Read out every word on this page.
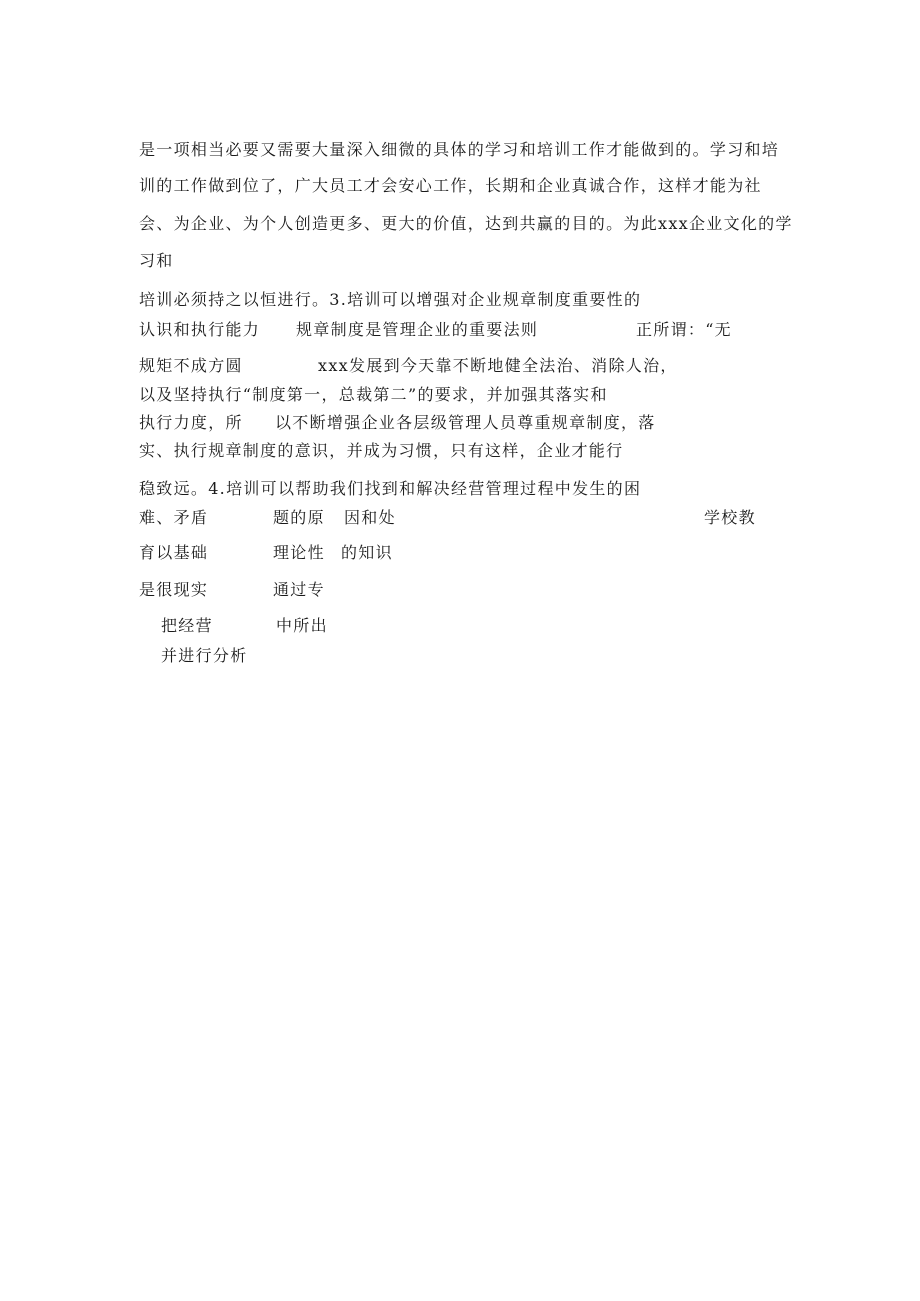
是一项相当必要又需要大量深入细微的具体的学习和培训工作才能做到的。学习和培
训的工作做到位了，广大员工才会安心工作，长期和企业真诚合作，这样才能为社
会、为企业、为个人创造更多、更大的价值，达到共赢的目的。为此xxx企业文化的学
习和
培训必须持之以恒进行。3.培训可以增强对企业规章制度重要性的
认识和执行能力 规章制度是管理企业的重要法则	正所谓：“无
规矩不成方圆	xxx发展到今天靠不断地健全法治、消除人治，
以及坚持执行“制度第一，总裁第二”的要求，并加强其落实和
执行力度，所 以不断增强企业各层级管理人员尊重规章制度，落
实、执行规章制度的意识，并成为习惯，只有这样，企业才能行
稳致远。4.培训可以帮助我们找到和解决经营管理过程中发生的困
难、矛盾	题的原 因和处	学校教
育以基础	理论性 的知识
是很现实	通过专
把经营	中所出
并进行分析
